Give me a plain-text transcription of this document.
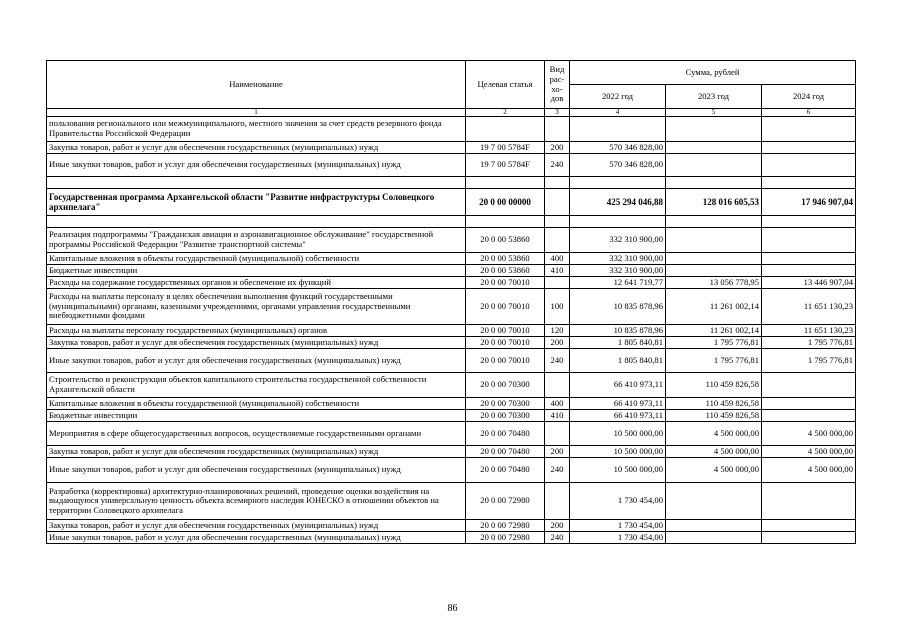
Наименование	Целевая статья	Вид рас-хо-дов	Сумма, рублей		
			2022 год	2023 год	2024 год
1	2	3	4	5	6
пользования регионального или межмуниципального, местного значения за счет средств резервного фонда Правительства Российской Федерации					
Закупка товаров, работ и услуг для обеспечения государственных (муниципальных) нужд	19 7 00 5784F	200	570 346 828,00		
Иные закупки товаров, работ и услуг для обеспечения государственных (муниципальных) нужд	19 7 00 5784F	240	570 346 828,00		

Государственная программа Архангельской области "Развитие инфраструктуры Соловецкого архипелага"	20 0 00 00000		425 294 046,88	128 016 605,53	17 946 907,04

Реализация подпрограммы "Гражданская авиация и аэронавигационное обслуживание" государственной программы Российской Федерации "Развитие транспортной системы"	20 0 00 53860		332 310 900,00		
Капитальные вложения в объекты государственной (муниципальной) собственности	20 0 00 53860	400	332 310 900,00		
Бюджетные инвестиции	20 0 00 53860	410	332 310 900,00		
Расходы на содержание государственных органов и обеспечение их функций	20 0 00 70010		12 641 719,77	13 056 778,95	13 446 907,04
Расходы на выплаты персоналу в целях обеспечения выполнения функций государственными (муниципальными) органами, казенными учреждениями, органами управления государственными внебюджетными фондами	20 0 00 70010	100	10 835 878,96	11 261 002,14	11 651 130,23
Расходы на выплаты персоналу государственных (муниципальных) органов	20 0 00 70010	120	10 835 878,96	11 261 002,14	11 651 130,23
Закупка товаров, работ и услуг для обеспечения государственных (муниципальных) нужд	20 0 00 70010	200	1 805 840,81	1 795 776,81	1 795 776,81
Иные закупки товаров, работ и услуг для обеспечения государственных (муниципальных) нужд	20 0 00 70010	240	1 805 840,81	1 795 776,81	1 795 776,81
Строительство и реконструкция объектов капитального строительства государственной собственности Архангельской области	20 0 00 70300		66 410 973,11	110 459 826,58	
Капитальные вложения в объекты государственной (муниципальной) собственности	20 0 00 70300	400	66 410 973,11	110 459 826,58	
Бюджетные инвестиции	20 0 00 70300	410	66 410 973,11	110 459 826,58	
Мероприятия в сфере общегосударственных вопросов, осуществляемые государственными органами	20 0 00 70480		10 500 000,00	4 500 000,00	4 500 000,00
Закупка товаров, работ и услуг для обеспечения государственных (муниципальных) нужд	20 0 00 70480	200	10 500 000,00	4 500 000,00	4 500 000,00
Иные закупки товаров, работ и услуг для обеспечения государственных (муниципальных) нужд	20 0 00 70480	240	10 500 000,00	4 500 000,00	4 500 000,00
Разработка (корректировка) архитектурно-планировочных решений, проведение оценки воздействия на выдающуюся универсальную ценность объекта всемирного наследия ЮНЕСКО в отношении объектов на территории Соловецкого архипелага	20 0 00 72980		1 730 454,00		
Закупка товаров, работ и услуг для обеспечения государственных (муниципальных) нужд	20 0 00 72980	200	1 730 454,00		
Иные закупки товаров, работ и услуг для обеспечения государственных (муниципальных) нужд	20 0 00 72980	240	1 730 454,00		
86
